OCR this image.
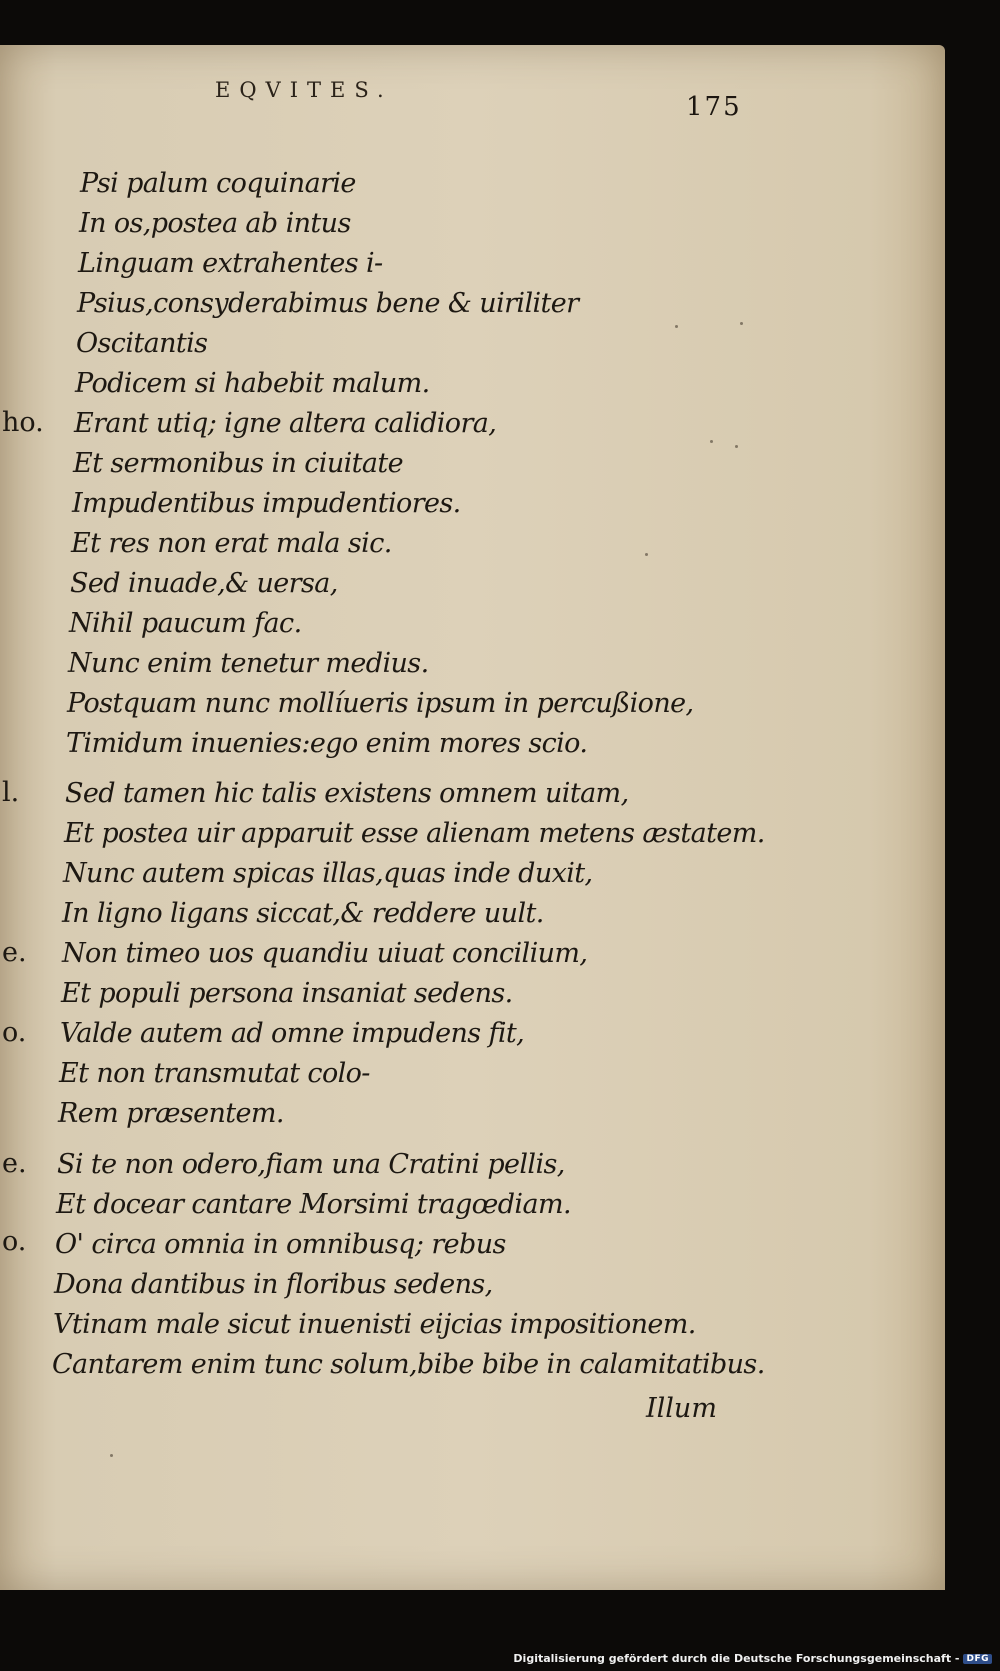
EQVITES.
175
ho.
l.
e.
o.
e.
o.
Psi palum coquinarie
In os,postea ab intus
Linguam extrahentes i-
Psius,consyderabimus bene & uiriliter
Oscitantis
Podicem si habebit malum.
Erant utiq; igne altera calidiora,
Et sermonibus in ciuitate
Impudentibus impudentiores.
Et res non erat mala sic.
Sed inuade,& uersa,
Nihil paucum fac.
Nunc enim tenetur medius.
Postquam nunc mollíueris ipsum in percußione,
Timidum inuenies:ego enim mores scio.
Sed tamen hic talis existens omnem uitam,
Et postea uir apparuit esse alienam metens æstatem.
Nunc autem spicas illas,quas inde duxit,
In ligno ligans siccat,& reddere uult.
Non timeo uos quandiu uiuat concilium,
Et populi persona insaniat sedens.
Valde autem ad omne impudens fit,
Et non transmutat colo-
Rem præsentem.
Si te non odero,fiam una Cratini pellis,
Et docear cantare Morsimi tragœdiam.
O' circa omnia in omnibusq; rebus
Dona dantibus in floribus sedens,
Vtinam male sicut inuenisti eijcias impositionem.
Cantarem enim tunc solum,bibe bibe in calamitatibus.
Illum
Digitalisierung gefördert durch die Deutsche Forschungsgemeinschaft - DFG
